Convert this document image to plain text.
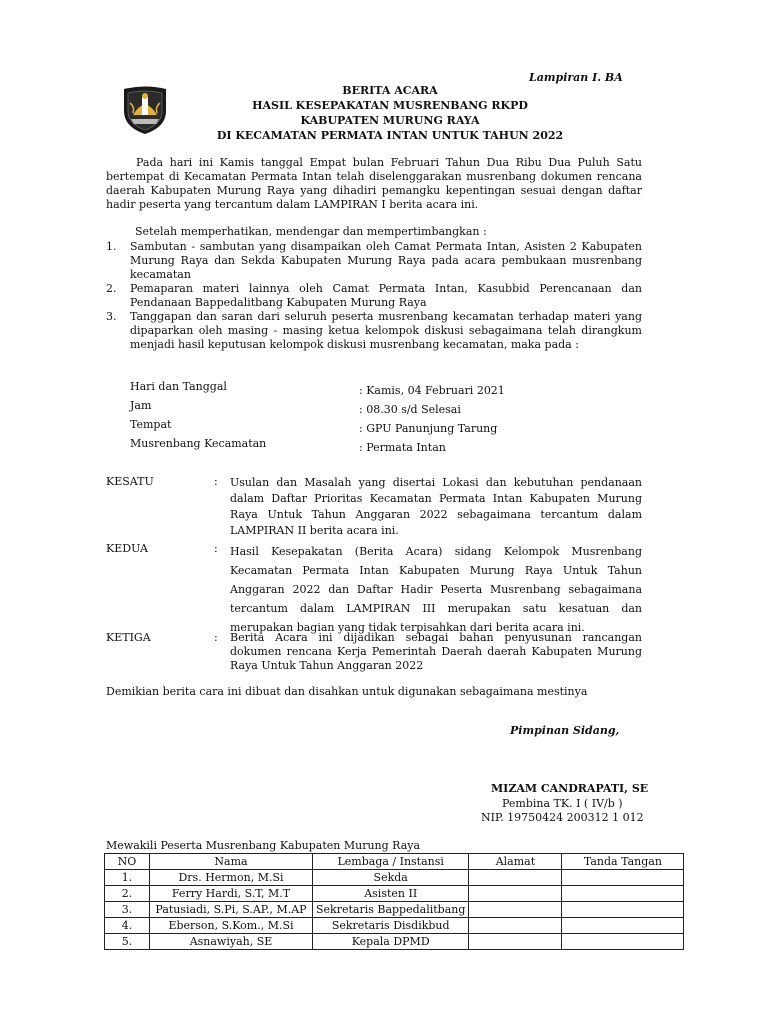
Lampiran I. BA
BERITA ACARA
HASIL KESEPAKATAN MUSRENBANG RKPD
KABUPATEN MURUNG RAYA
DI KECAMATAN PERMATA INTAN UNTUK TAHUN 2022
Pada hari ini Kamis tanggal Empat bulan Februari Tahun Dua Ribu Dua Puluh Satu bertempat di Kecamatan Permata Intan telah diselenggarakan musrenbang dokumen rencana daerah Kabupaten Murung Raya yang dihadiri pemangku kepentingan sesuai dengan daftar hadir peserta yang tercantum dalam LAMPIRAN I berita acara ini.
Setelah memperhatikan, mendengar dan mempertimbangkan :
1. Sambutan - sambutan yang disampaikan oleh Camat Permata Intan, Asisten 2 Kabupaten Murung Raya dan Sekda Kabupaten Murung Raya pada acara pembukaan musrenbang kecamatan
2. Pemaparan materi lainnya oleh Camat Permata Intan, Kasubbid Perencanaan dan Pendanaan Bappedalitbang Kabupaten Murung Raya
3. Tanggapan dan saran dari seluruh peserta musrenbang kecamatan terhadap materi yang dipaparkan oleh masing - masing ketua kelompok diskusi sebagaimana telah dirangkum menjadi hasil keputusan kelompok diskusi musrenbang kecamatan, maka pada :
Hari dan Tanggal	: Kamis, 04 Februari 2021
Jam	: 08.30 s/d Selesai
Tempat	: GPU Panunjung Tarung
Musrenbang Kecamatan	: Permata Intan
KESATU	: Usulan dan Masalah yang disertai Lokasi dan kebutuhan pendanaan dalam Daftar Prioritas Kecamatan Permata Intan Kabupaten Murung Raya Untuk Tahun Anggaran 2022 sebagaimana tercantum dalam LAMPIRAN II berita acara ini.
KEDUA	: Hasil Kesepakatan (Berita Acara) sidang Kelompok Musrenbang Kecamatan Permata Intan Kabupaten Murung Raya Untuk Tahun Anggaran 2022 dan Daftar Hadir Peserta Musrenbang sebagaimana tercantum dalam LAMPIRAN III merupakan satu kesatuan dan merupakan bagian yang tidak terpisahkan dari berita acara ini.
KETIGA	: Berita Acara ini dijadikan sebagai bahan penyusunan rancangan dokumen rencana Kerja Pemerintah Daerah daerah Kabupaten Murung Raya Untuk Tahun Anggaran 2022
Demikian berita cara ini dibuat dan disahkan untuk digunakan sebagaimana mestinya
Pimpinan Sidang,
MIZAM CANDRAPATI, SE
Pembina TK. I ( IV/b )
NIP. 19750424 200312 1 012
Mewakili Peserta Musrenbang Kabupaten Murung Raya
NO	Nama	Lembaga / Instansi	Alamat	Tanda Tangan
1.	Drs. Hermon, M.Si	Sekda		
2.	Ferry Hardi, S.T, M.T	Asisten II		
3.	Patusiadi, S.Pi, S.AP., M.AP	Sekretaris Bappedalitbang		
4.	Eberson, S.Kom., M.Si	Sekretaris Disdikbud		
5.	Asnawiyah, SE	Kepala DPMD		
